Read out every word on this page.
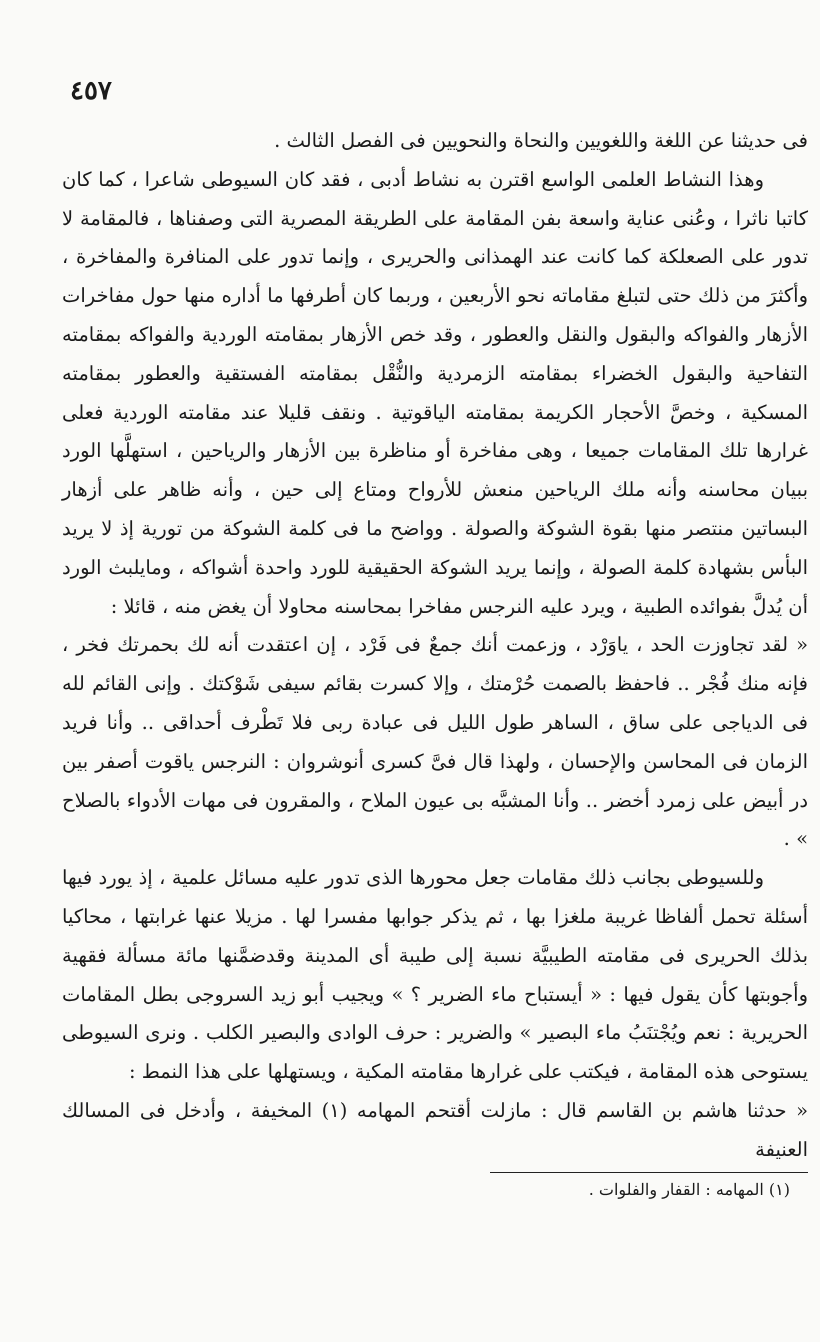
٤٥٧

فى حديثنا عن اللغة واللغويين والنحاة والنحويين فى الفصل الثالث .

وهذا النشاط العلمى الواسع اقترن به نشاط أدبى ، فقد كان السيوطى شاعرا ، كما كان كاتبا ناثرا ، وعُنى عناية واسعة بفن المقامة على الطريقة المصرية التى وصفناها ، فالمقامة لا تدور على الصعلكة كما كانت عند الهمذانى والحريرى ، وإنما تدور على المنافرة والمفاخرة ، وأكثرَ من ذلك حتى لتبلغ مقاماته نحو الأربعين ، وربما كان أطرفها ما أداره منها حول مفاخرات الأزهار والفواكه والبقول والنقل والعطور ، وقد خص الأزهار بمقامته الوردية والفواكه بمقامته التفاحية والبقول الخضراء بمقامته الزمردية والنُّقْل بمقامته الفستقية والعطور بمقامته المسكية ، وخصَّ الأحجار الكريمة بمقامته الياقوتية . ونقف قليلا عند مقامته الوردية فعلى غرارها تلك المقامات جميعا ، وهى مفاخرة أو مناظرة بين الأزهار والرياحين ، استهلَّها الورد ببيان محاسنه وأنه ملك الرياحين منعش للأرواح ومتاع إلى حين ، وأنه ظاهر على أزهار البساتين منتصر منها بقوة الشوكة والصولة . وواضح ما فى كلمة الشوكة من تورية إذ لا يريد البأس بشهادة كلمة الصولة ، وإنما يريد الشوكة الحقيقية للورد واحدة أشواكه ، ومايلبث الورد أن يُدلَّ بفوائده الطبية ، ويرد عليه النرجس مفاخرا بمحاسنه محاولا أن يغض منه ، قائلا :

« لقد تجاوزت الحد ، ياوَرْد ، وزعمت أنك جمعٌ فى فَرْد ، إن اعتقدت أنه لك بحمرتك فخر ، فإنه منك فُجْر .. فاحفظ بالصمت حُرْمتك ، وإلا كسرت بقائم سيفى شَوْكتك . وإنى القائم لله فى الدياجى على ساق ، الساهر طول الليل فى عبادة ربى فلا تَطْرف أحداقى .. وأنا فريد الزمان فى المحاسن والإحسان ، ولهذا قال فىَّ كسرى أنوشروان : النرجس ياقوت أصفر بين در أبيض على زمرد أخضر .. وأنا المشبَّه بى عيون الملاح ، والمقرون فى مهات الأدواء بالصلاح » .

وللسيوطى بجانب ذلك مقامات جعل محورها الذى تدور عليه مسائل علمية ، إذ يورد فيها أسئلة تحمل ألفاظا غريبة ملغزا بها ، ثم يذكر جوابها مفسرا لها . مزيلا عنها غرابتها ، محاكيا بذلك الحريرى فى مقامته الطيبيَّة نسبة إلى طيبة أى المدينة وقدضمَّنها مائة مسألة فقهية وأجوبتها كأن يقول فيها : « أيستباح ماء الضرير ؟ » ويجيب أبو زيد السروجى بطل المقامات الحريرية : نعم ويُجْتنَبُ ماء البصير » والضرير : حرف الوادى والبصير الكلب . ونرى السيوطى يستوحى هذه المقامة ، فيكتب على غرارها مقامته المكية ، ويستهلها على هذا النمط :

« حدثنا هاشم بن القاسم قال : مازلت أقتحم المهامه (١) المخيفة ، وأدخل فى المسالك العنيفة

(١) المهامه : القفار والفلوات .
